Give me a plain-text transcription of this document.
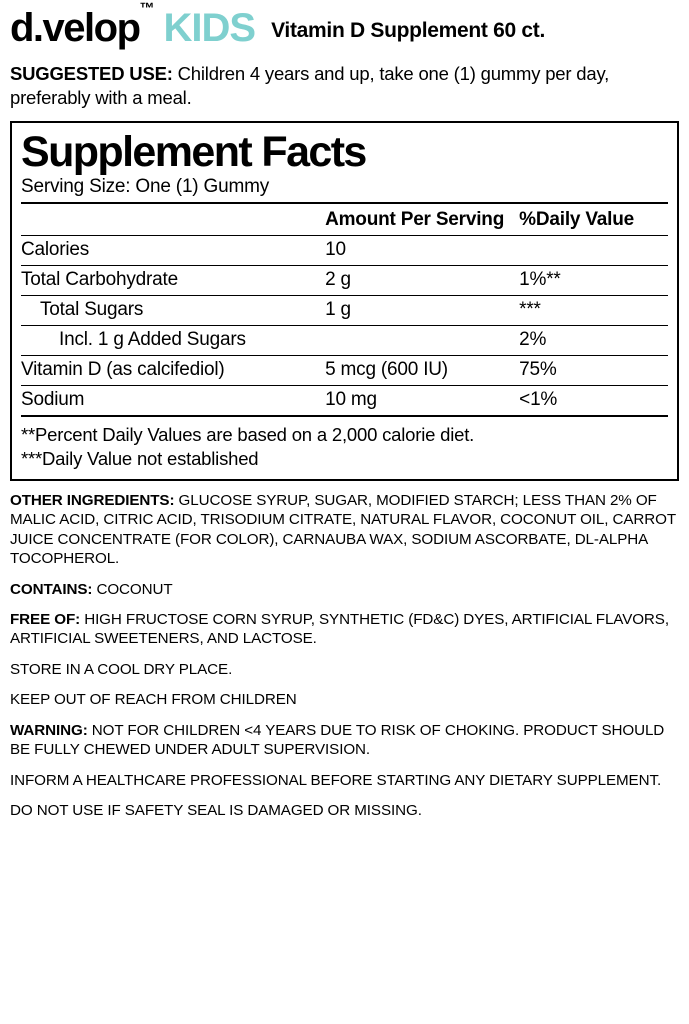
d.velop™ KIDS Vitamin D Supplement 60 ct.
SUGGESTED USE: Children 4 years and up, take one (1) gummy per day, preferably with a meal.
Supplement Facts
Serving Size: One (1) Gummy
	Amount Per Serving	%Daily Value
Calories	10	
Total Carbohydrate	2 g	1%**
Total Sugars	1 g	***
Incl. 1 g Added Sugars		2%
Vitamin D (as calcifediol)	5 mcg (600 IU)	75%
Sodium	10 mg	<1%
**Percent Daily Values are based on a 2,000 calorie diet.
***Daily Value not established
OTHER INGREDIENTS: GLUCOSE SYRUP, SUGAR, MODIFIED STARCH; LESS THAN 2% OF MALIC ACID, CITRIC ACID, TRISODIUM CITRATE, NATURAL FLAVOR, COCONUT OIL, CARROT JUICE CONCENTRATE (FOR COLOR), CARNAUBA WAX, SODIUM ASCORBATE, DL-ALPHA TOCOPHEROL.
CONTAINS: COCONUT
FREE OF: HIGH FRUCTOSE CORN SYRUP, SYNTHETIC (FD&C) DYES, ARTIFICIAL FLAVORS, ARTIFICIAL SWEETENERS, AND LACTOSE.
STORE IN A COOL DRY PLACE.
KEEP OUT OF REACH FROM CHILDREN
WARNING: NOT FOR CHILDREN <4 YEARS DUE TO RISK OF CHOKING. PRODUCT SHOULD BE FULLY CHEWED UNDER ADULT SUPERVISION.
INFORM A HEALTHCARE PROFESSIONAL BEFORE STARTING ANY DIETARY SUPPLEMENT.
DO NOT USE IF SAFETY SEAL IS DAMAGED OR MISSING.
